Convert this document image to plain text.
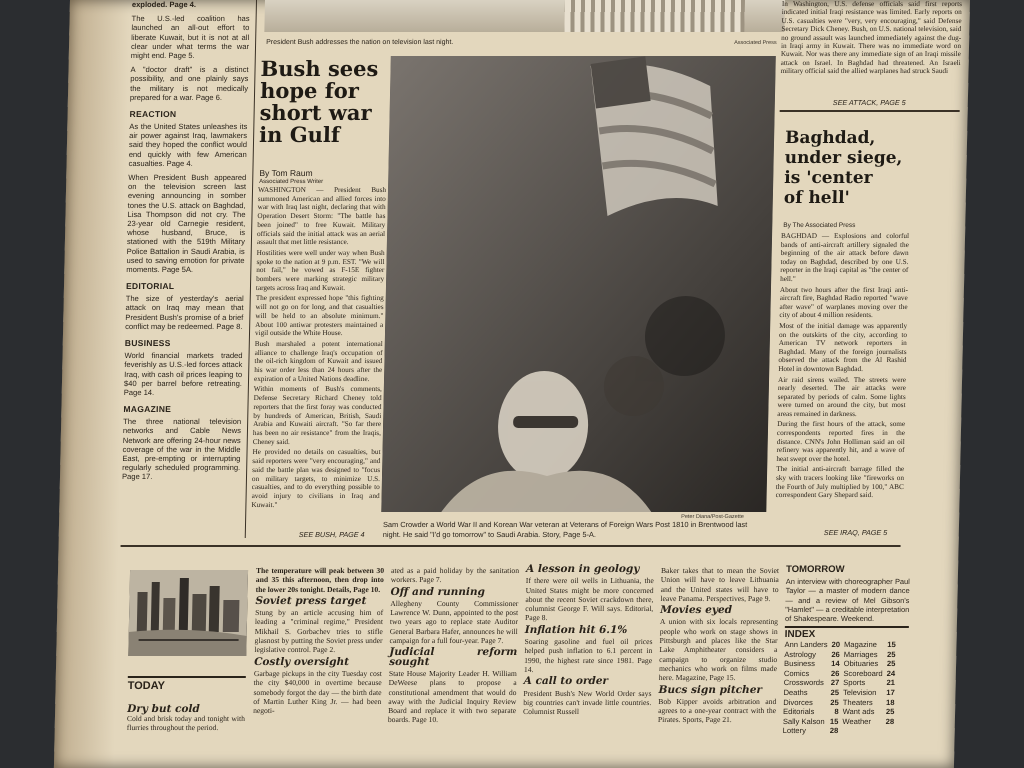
President Bush addresses the nation on television last night.	Associated Press
exploded. Page 4.
The U.S.-led coalition has launched an all-out effort to liberate Kuwait, but it is not at all clear under what terms the war might end. Page 5.
A "doctor draft" is a distinct possibility, and one plainly says the military is not medically prepared for a war. Page 6.
REACTION
As the United States unleashes its air power against Iraq, lawmakers said they hoped the conflict would end quickly with few American casualties. Page 4.
When President Bush appeared on the television screen last evening announcing in somber tones the U.S. attack on Baghdad, Lisa Thompson did not cry. The 23-year old Carnegie resident, whose husband, Bruce, is stationed with the 519th Military Police Battalion in Saudi Arabia, is used to saving emotion for private moments. Page 5A.
EDITORIAL
The size of yesterday's aerial attack on Iraq may mean that President Bush's promise of a brief conflict may be redeemed. Page 8.
BUSINESS
World financial markets traded feverishly as U.S.-led forces attack Iraq, with cash oil prices leaping to $40 per barrel before retreating. Page 14.
MAGAZINE
The three national television networks and Cable News Network are offering 24-hour news coverage of the war in the Middle East, pre-empting or interrupting regularly scheduled programming. Page 17.
Bush sees
hope for
short war
in Gulf
By Tom Raum
Associated Press Writer

WASHINGTON — President Bush summoned American and allied forces into war with Iraq last night, declaring that with Operation Desert Storm: "The battle has been joined" to free Kuwait. Military officials said the initial attack was an aerial assault that met little resistance.

Hostilities were well under way when Bush spoke to the nation at 9 p.m. EST. "We will not fail," he vowed as F-15E fighter bombers were marking strategic military targets across Iraq and Kuwait.

The president expressed hope "this fighting will not go on for long, and that casualties will be held to an absolute minimum." About 100 antiwar protesters maintained a vigil outside the White House.

Bush marshaled a potent international alliance to challenge Iraq's occupation of the oil-rich kingdom of Kuwait and issued his war order less than 24 hours after the expiration of a United Nations deadline.

Within moments of Bush's comments, Defense Secretary Richard Cheney told reporters that the first foray was conducted by hundreds of American, British, Saudi Arabia and Kuwaiti aircraft. "So far there has been no air resistance" from the Iraqis, Cheney said.

He provided no details on casualties, but said reporters were "very encouraging," and said the battle plan was designed to "focus on military targets, to minimize U.S. casualties, and to do everything possible to avoid injury to civilians in Iraq and Kuwait."

SEE BUSH, PAGE 4
Peter Diana/Post-Gazette
Sam Crowder a World War II and Korean War veteran at Veterans of Foreign Wars Post 1810 in Brentwood last night. He said "I'd go tomorrow" to Saudi Arabia. Story, Page 5-A.
In Washington, U.S. defense officials said first reports indicated initial Iraqi resistance was limited. Early reports on U.S. casualties were "very, very encouraging," said Defense Secretary Dick Cheney. Bush, on U.S. national television, said no ground assault was launched immediately against the dug-in Iraqi army in Kuwait. There was no immediate word on Kuwait. Nor was there any immediate sign of an Iraqi missile attack on Israel. In Baghdad had threatened. An Israeli military official said the allied warplanes had struck Saudi
SEE ATTACK, PAGE 5
Baghdad,
under siege,
is 'center
of hell'
By The Associated Press

BAGHDAD — Explosions and colorful bands of anti-aircraft artillery signaled the beginning of the air attack before dawn today on Baghdad, described by one U.S. reporter in the Iraqi capital as "the center of hell."

About two hours after the first Iraqi anti-aircraft fire, Baghdad Radio reported "wave after wave" of warplanes moving over the city of about 4 million residents.

Most of the initial damage was apparently on the outskirts of the city, according to American TV network reporters in Baghdad. Many of the foreign journalists observed the attack from the Al Rashid Hotel in downtown Baghdad.

Air raid sirens wailed. The streets were nearly deserted. The air attacks were separated by periods of calm. Some lights were turned on around the city, but most areas remained in darkness.

During the first hours of the attack, some correspondents reported fires in the distance. CNN's John Holliman said an oil refinery was apparently hit, and a wave of heat swept over the hotel.

The initial anti-aircraft barrage filled the sky with tracers looking like "fireworks on the Fourth of July multiplied by 100," ABC correspondent Gary Shepard said.

SEE IRAQ, PAGE 5
TODAY
Dry but cold
Cold and brisk today and tonight with flurries throughout the period.
The temperature will peak between 30 and 35 this afternoon, then drop into the lower 20s tonight. Details, Page 10.
Soviet press target
Stung by an article accusing him of leading a "criminal regime," President Mikhail S. Gorbachev tries to stifle glasnost by putting the Soviet press under legislative control. Page 2.
Costly oversight
Garbage pickups in the city Tuesday cost the city $40,000 in overtime because somebody forgot the day — the birth date of Martin Luther King Jr. — had been negoti-
ated as a paid holiday by the sanitation workers. Page 7.
Off and running
Allegheny County Commissioner Lawrence W. Dunn, appointed to the post two years ago to replace state Auditor General Barbara Hafer, announces he will campaign for a full four-year. Page 7.
Judicial reform sought
State House Majority Leader H. William DeWeese plans to propose a constitutional amendment that would do away with the Judicial Inquiry Review Board and replace it with two separate boards. Page 10.
A lesson in geology
If there were oil wells in Lithuania, the United States might be more concerned about the recent Soviet crackdown there, columnist George F. Will says. Editorial, Page 8.
Inflation hit 6.1%
Soaring gasoline and fuel oil prices helped push inflation to 6.1 percent in 1990, the highest rate since 1981. Page 14.
A call to order
President Bush's New World Order says big countries can't invade little countries. Columnist Russell
Baker takes that to mean the Soviet Union will have to leave Lithuania and the United states will have to leave Panama. Perspectives, Page 9.
Movies eyed
A union with six locals representing people who work on stage shows in Pittsburgh and places like the Star Lake Amphitheater considers a campaign to organize studio mechanics who work on films made here. Magazine, Page 15.
Bucs sign pitcher
Bob Kipper avoids arbitration and agrees to a one-year contract with the Pirates. Sports, Page 21.
TOMORROW
An interview with choreographer Paul Taylor — a master of modern dance — and a review of Mel Gibson's "Hamlet" — a creditable interpretation of Shakespeare. Weekend.
INDEX
Ann Landers	20	Magazine	15
Astrology	26	Marriages	25
Business	14	Obituaries	25
Comics	26	Scoreboard	24
Crosswords	27	Sports	21
Deaths	25	Television	17
Divorces	25	Theaters	18
Editorials	8	Want ads	25
Sally Kalson	15	Weather	28
Lottery	28		
